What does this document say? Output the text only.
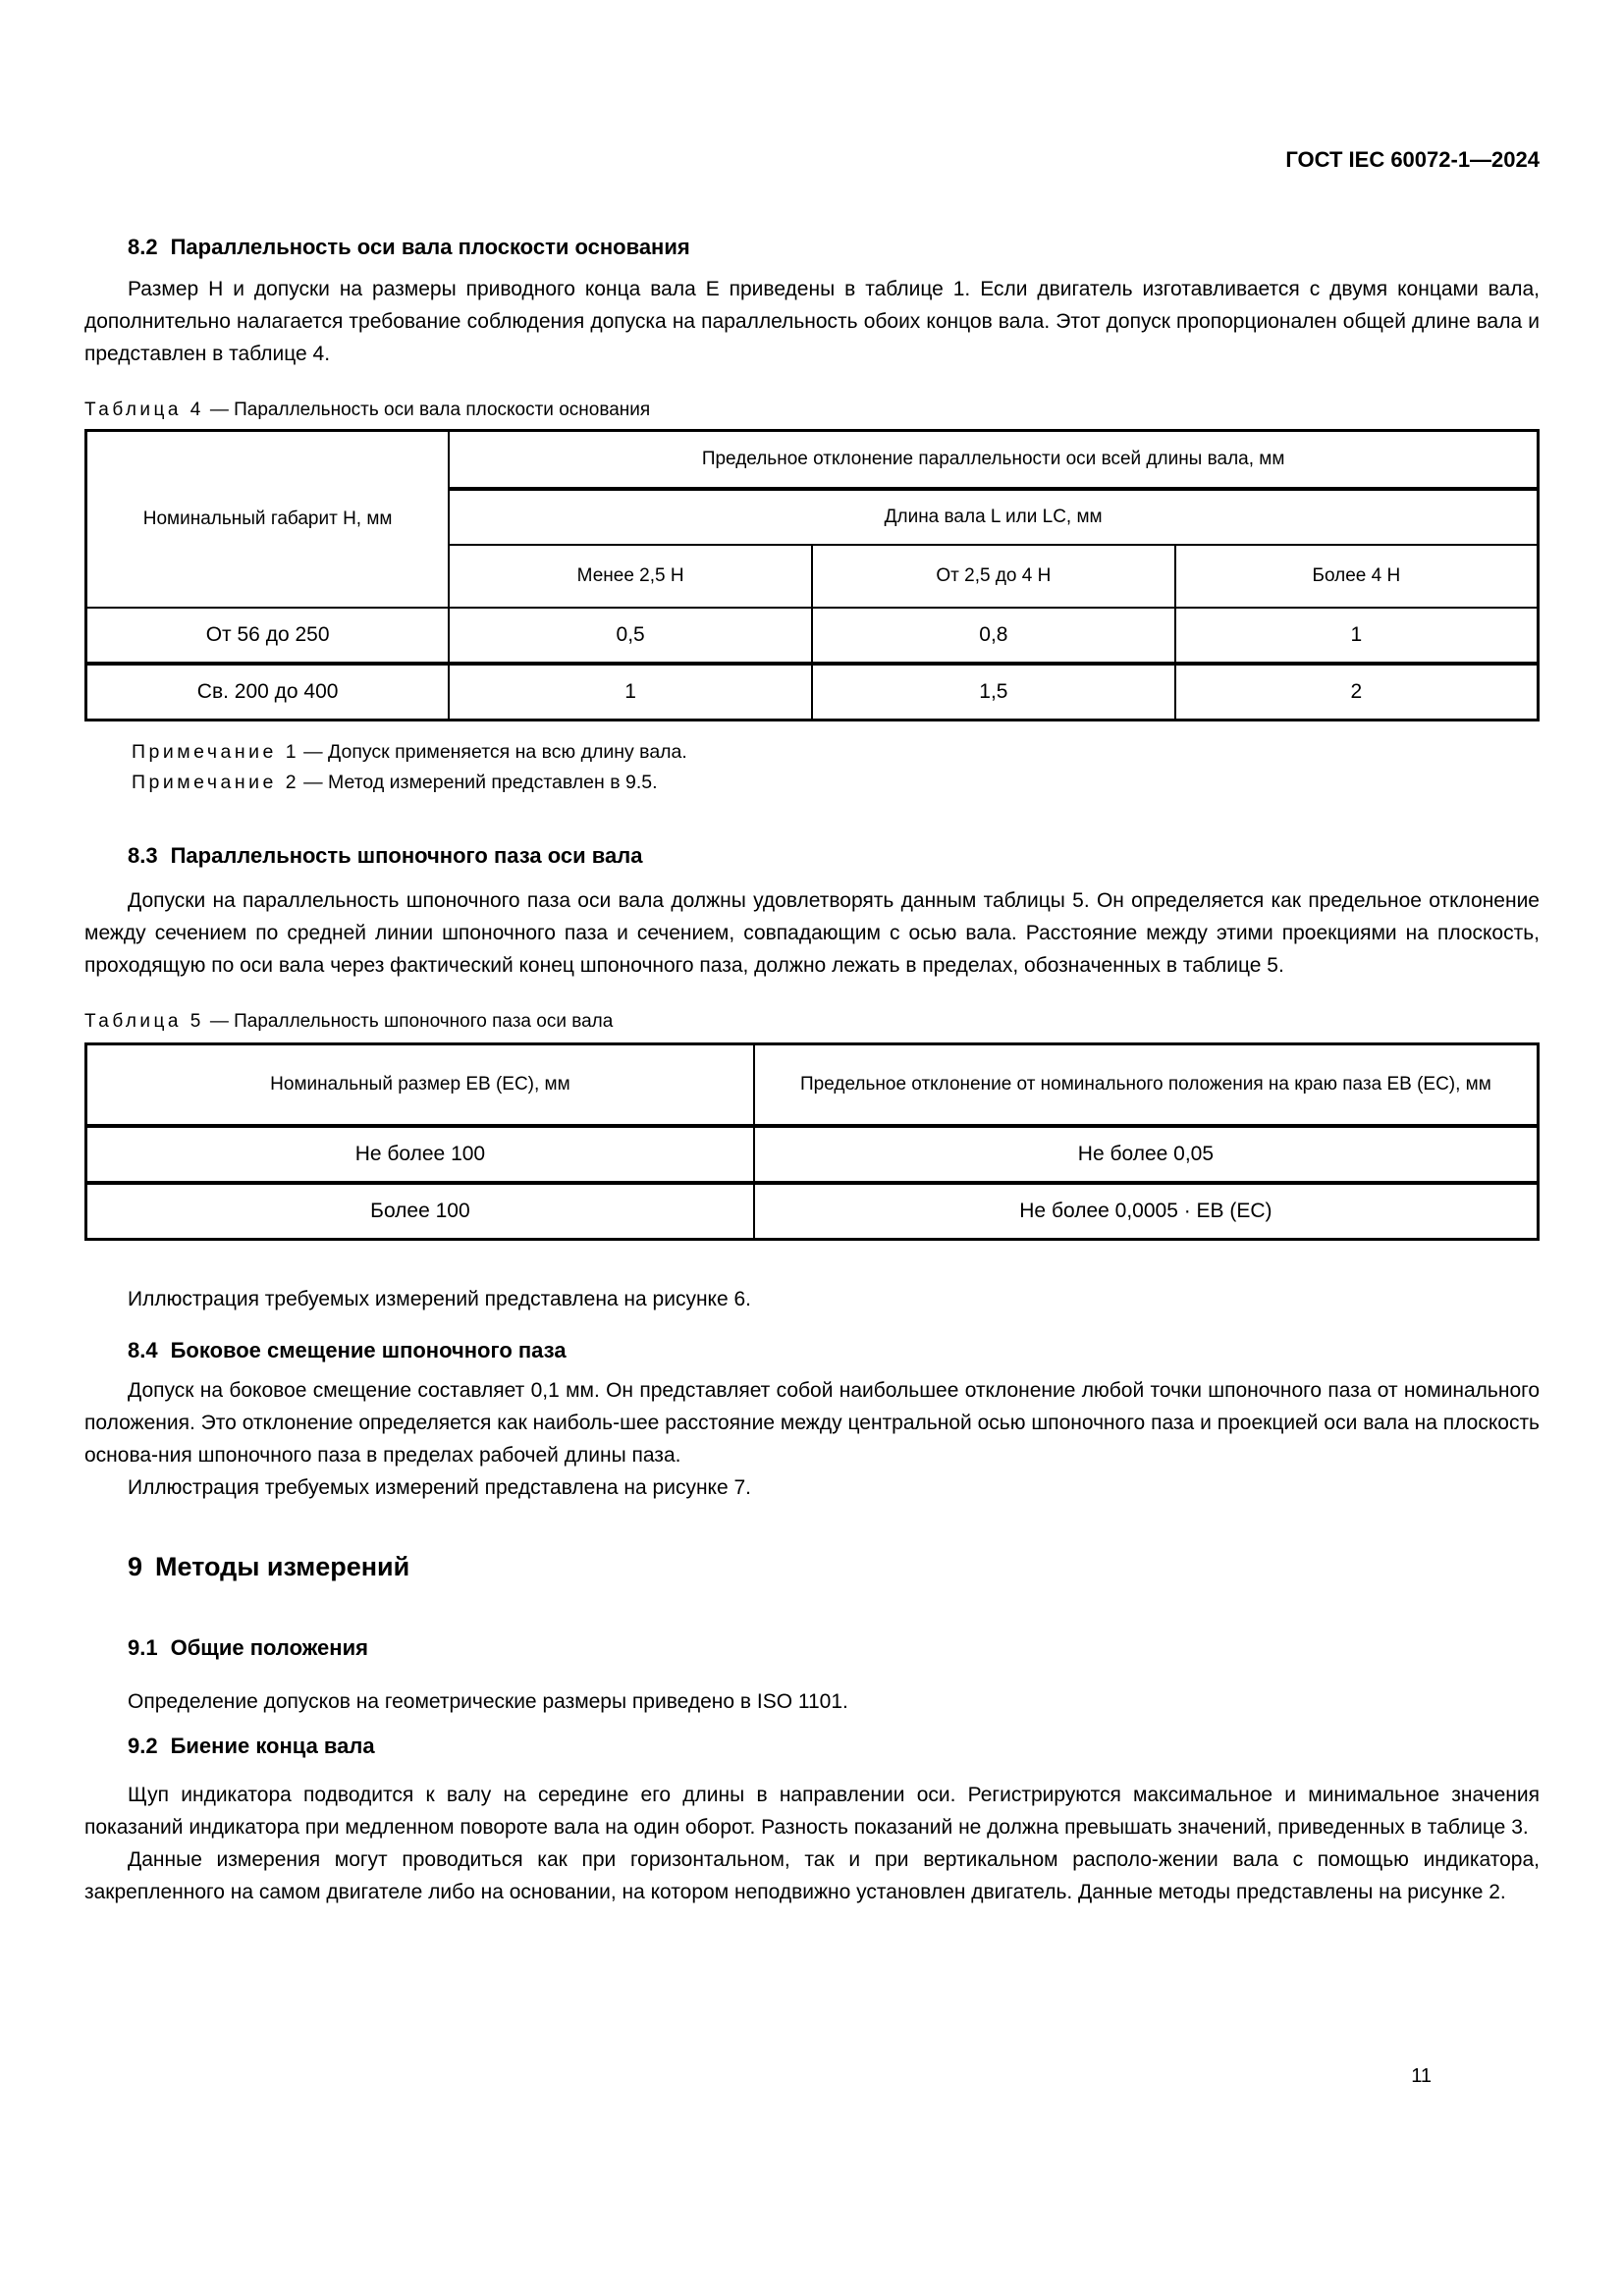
ГОСТ IEC 60072-1—2024
8.2 Параллельность оси вала плоскости основания

Размер Н и допуски на размеры приводного конца вала Е приведены в таблице 1. Если двигатель изготавливается с двумя концами вала, дополнительно налагается требование соблюдения допуска на параллельность обоих концов вала. Этот допуск пропорционален общей длине вала и представлен в таблице 4.

Таблица 4 — Параллельность оси вала плоскости основания

Номинальный габарит Н, мм	Предельное отклонение параллельности оси всей длины вала, мм		
	Длина вала L или LC, мм		
	Менее 2,5 Н	От 2,5 до 4 Н	Более 4 Н
От 56 до 250	0,5	0,8	1
Св. 200 до 400	1	1,5	2

Примечание 1 — Допуск применяется на всю длину вала.

Примечание 2 — Метод измерений представлен в 9.5.

8.3 Параллельность шпоночного паза оси вала

Допуски на параллельность шпоночного паза оси вала должны удовлетворять данным таблицы 5. Он определяется как предельное отклонение между сечением по средней линии шпоночного паза и сечением, совпадающим с осью вала. Расстояние между этими проекциями на плоскость, проходящую по оси вала через фактический конец шпоночного паза, должно лежать в пределах, обозначенных в таблице 5.

Таблица 5 — Параллельность шпоночного паза оси вала

Номинальный размер EB (EC), мм	Предельное отклонение от номинального положения на краю паза EB (EC), мм
Не более 100	Не более 0,05
Более 100	Не более 0,0005 · EB (EC)

Иллюстрация требуемых измерений представлена на рисунке 6.

8.4 Боковое смещение шпоночного паза

Допуск на боковое смещение составляет 0,1 мм. Он представляет собой наибольшее отклонение любой точки шпоночного паза от номинального положения. Это отклонение определяется как наиболь-шее расстояние между центральной осью шпоночного паза и проекцией оси вала на плоскость основа-ния шпоночного паза в пределах рабочей длины паза.

Иллюстрация требуемых измерений представлена на рисунке 7.

9 Методы измерений
9.1 Общие положения

Определение допусков на геометрические размеры приведено в ISO 1101.

9.2 Биение конца вала

Щуп индикатора подводится к валу на середине его длины в направлении оси. Регистрируются максимальное и минимальное значения показаний индикатора при медленном повороте вала на один оборот. Разность показаний не должна превышать значений, приведенных в таблице 3.

Данные измерения могут проводиться как при горизонтальном, так и при вертикальном располо-жении вала с помощью индикатора, закрепленного на самом двигателе либо на основании, на котором неподвижно установлен двигатель. Данные методы представлены на рисунке 2.

11
